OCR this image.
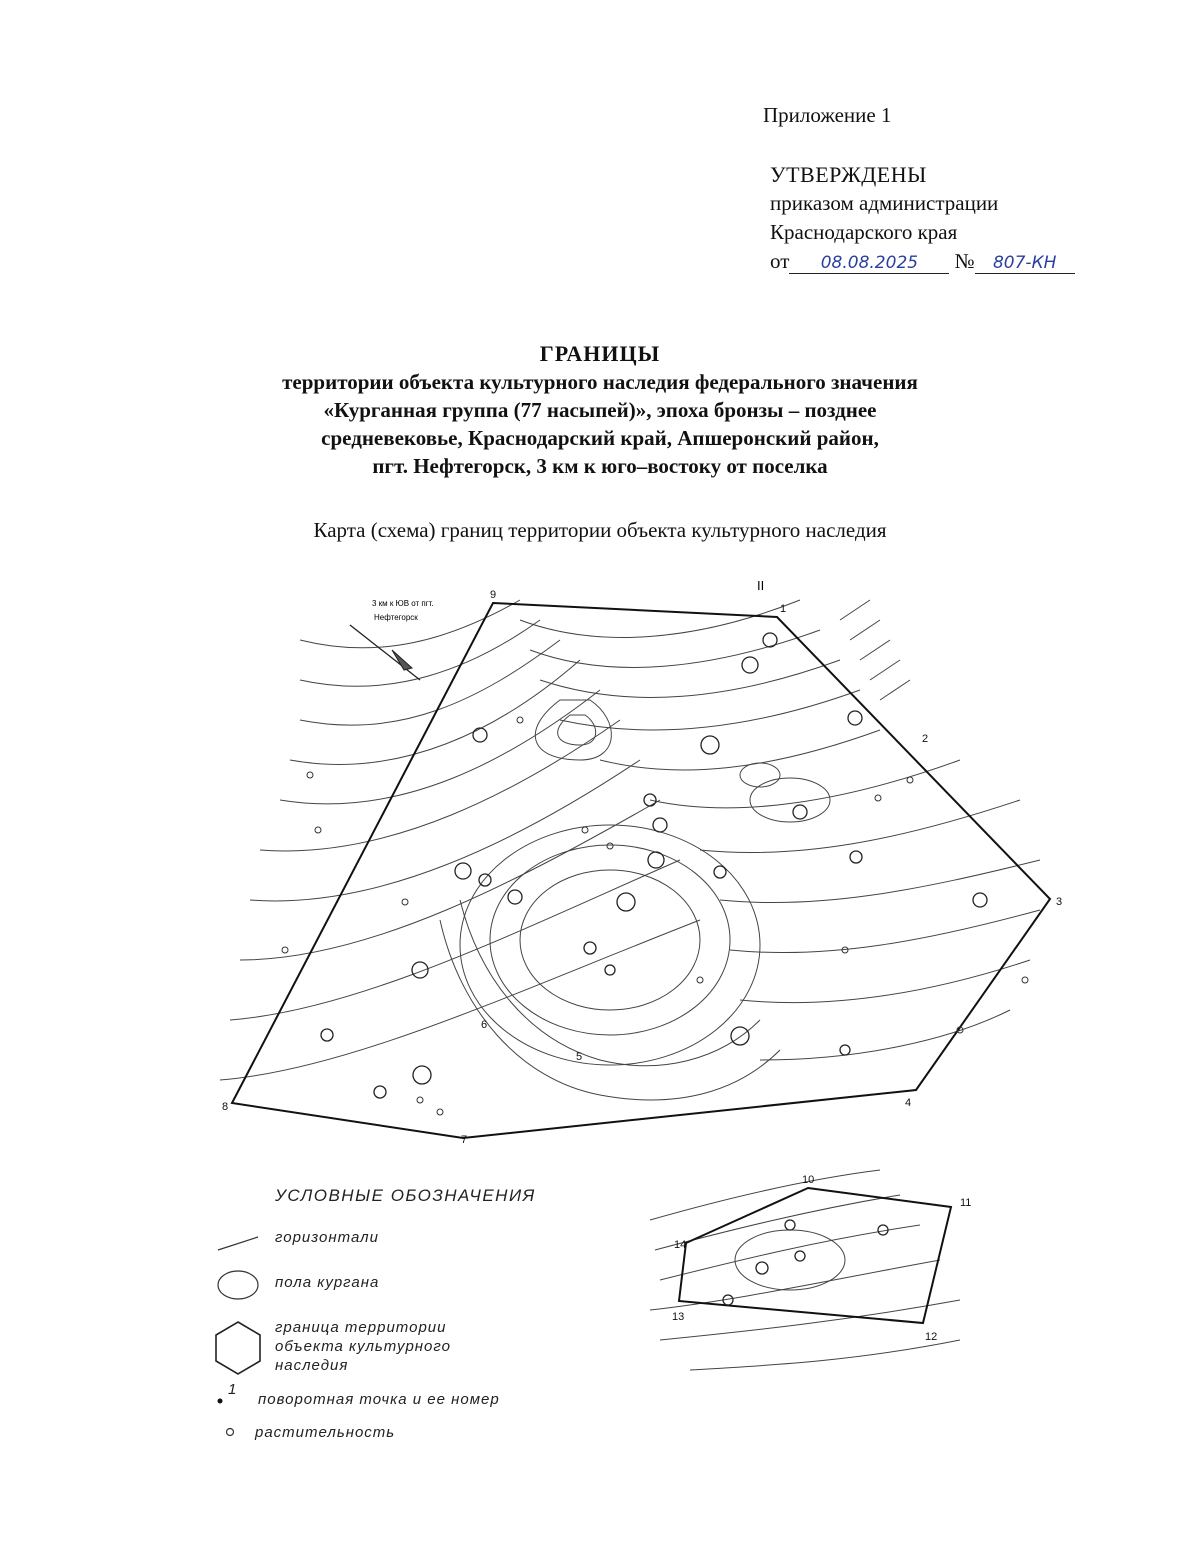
Приложение 1
УТВЕРЖДЕНЫ
приказом администрации
Краснодарского края
от 08.08.2025 № 807-КН
ГРАНИЦЫ
территории объекта культурного наследия федерального значения
«Курганная группа (77 насыпей)», эпоха бронзы – позднее
средневековье, Краснодарский край, Апшеронский район,
пгт. Нефтегорск, 3 км к юго–востоку от поселка
Карта (схема) границ территории объекта культурного наследия
3 км к ЮВ от пгт.
Нефтегорск
II
1
2
3
4
5
6
7
8
9
10
11
12
13
14
УСЛОВНЫЕ ОБОЗНАЧЕНИЯ
горизонтали
пола кургана
граница территории
объекта культурного
наследия
1
поворотная точка и ее номер
растительность
